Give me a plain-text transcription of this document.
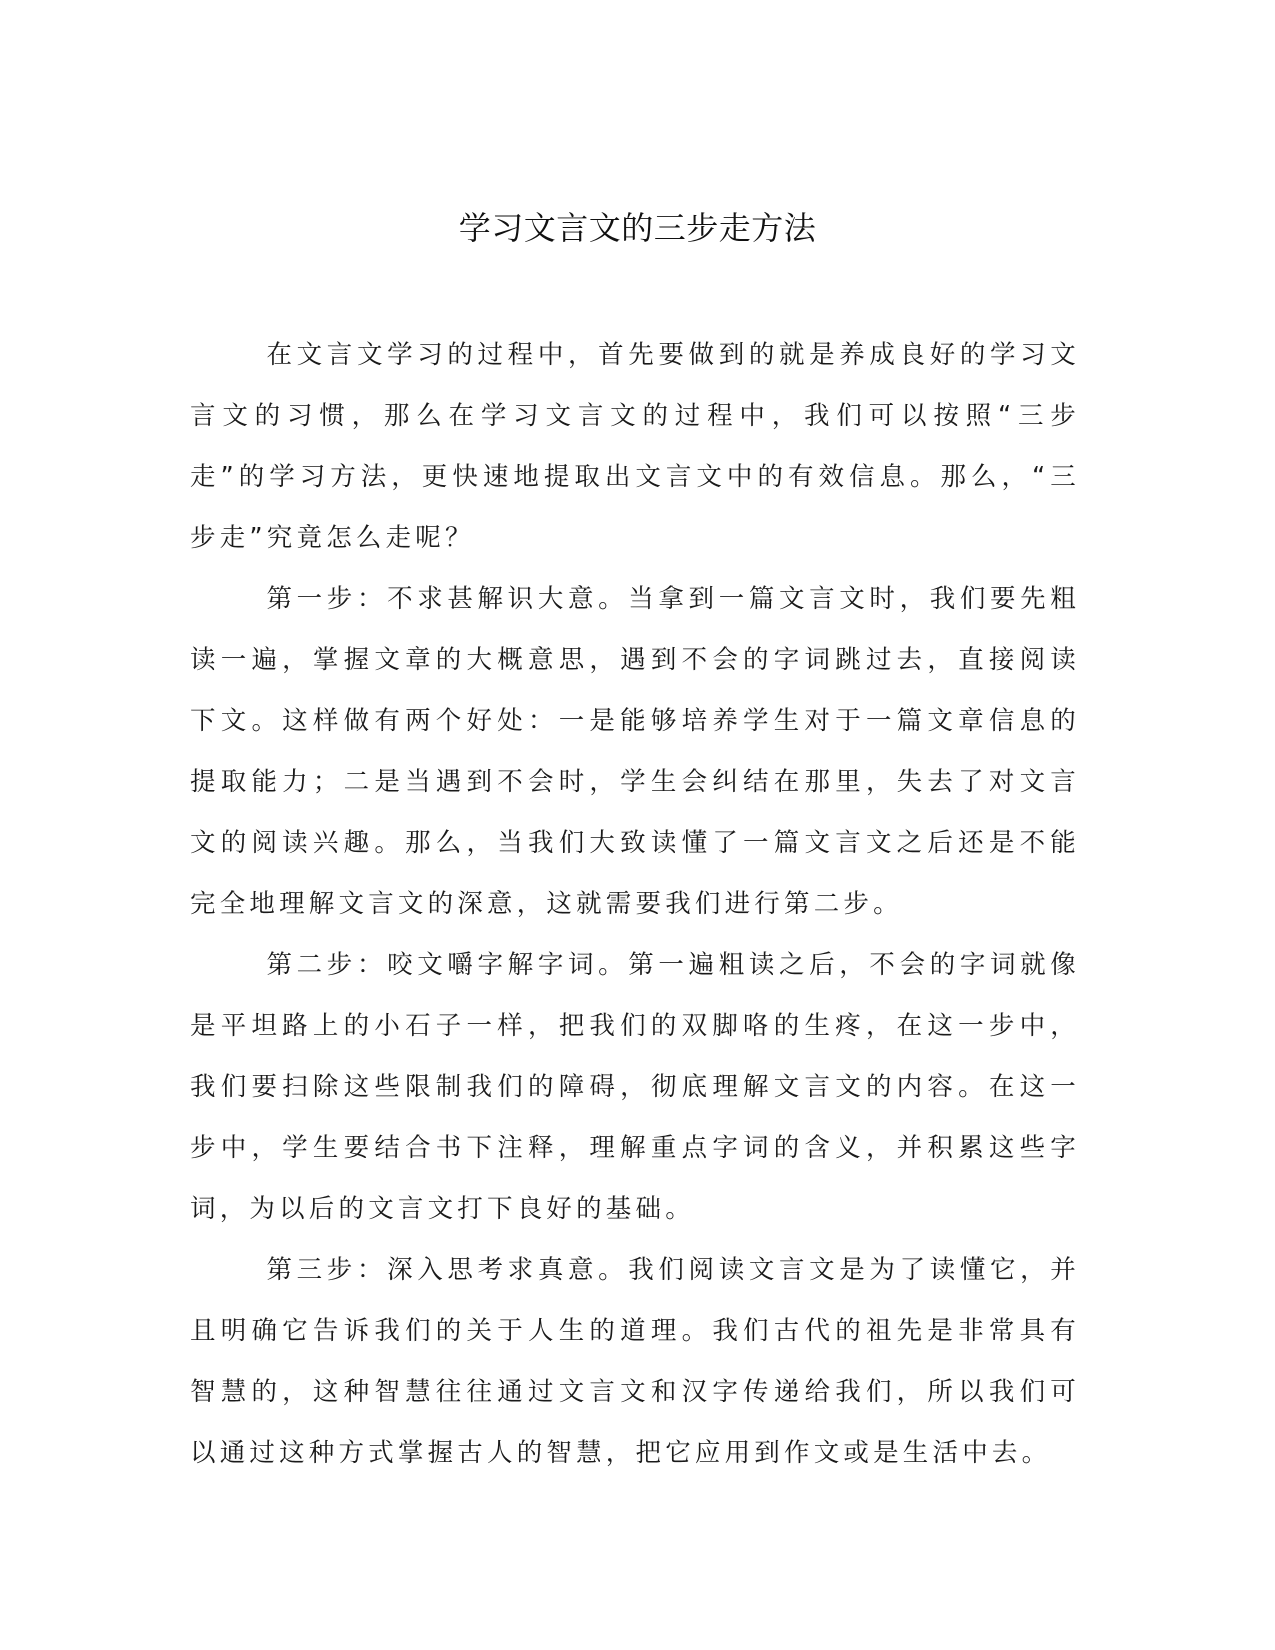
学习文言文的三步走方法

在文言文学习的过程中，首先要做到的就是养成良好的学习文言文的习惯，那么在学习文言文的过程中，我们可以按照“三步走”的学习方法，更快速地提取出文言文中的有效信息。那么，“三步走”究竟怎么走呢？

第一步：不求甚解识大意。当拿到一篇文言文时，我们要先粗读一遍，掌握文章的大概意思，遇到不会的字词跳过去，直接阅读下文。这样做有两个好处：一是能够培养学生对于一篇文章信息的提取能力；二是当遇到不会时，学生会纠结在那里，失去了对文言文的阅读兴趣。那么，当我们大致读懂了一篇文言文之后还是不能完全地理解文言文的深意，这就需要我们进行第二步。

第二步：咬文嚼字解字词。第一遍粗读之后，不会的字词就像是平坦路上的小石子一样，把我们的双脚咯的生疼，在这一步中，我们要扫除这些限制我们的障碍，彻底理解文言文的内容。在这一步中，学生要结合书下注释，理解重点字词的含义，并积累这些字词，为以后的文言文打下良好的基础。

第三步：深入思考求真意。我们阅读文言文是为了读懂它，并且明确它告诉我们的关于人生的道理。我们古代的祖先是非常具有智慧的，这种智慧往往通过文言文和汉字传递给我们，所以我们可以通过这种方式掌握古人的智慧，把它应用到作文或是生活中去。
